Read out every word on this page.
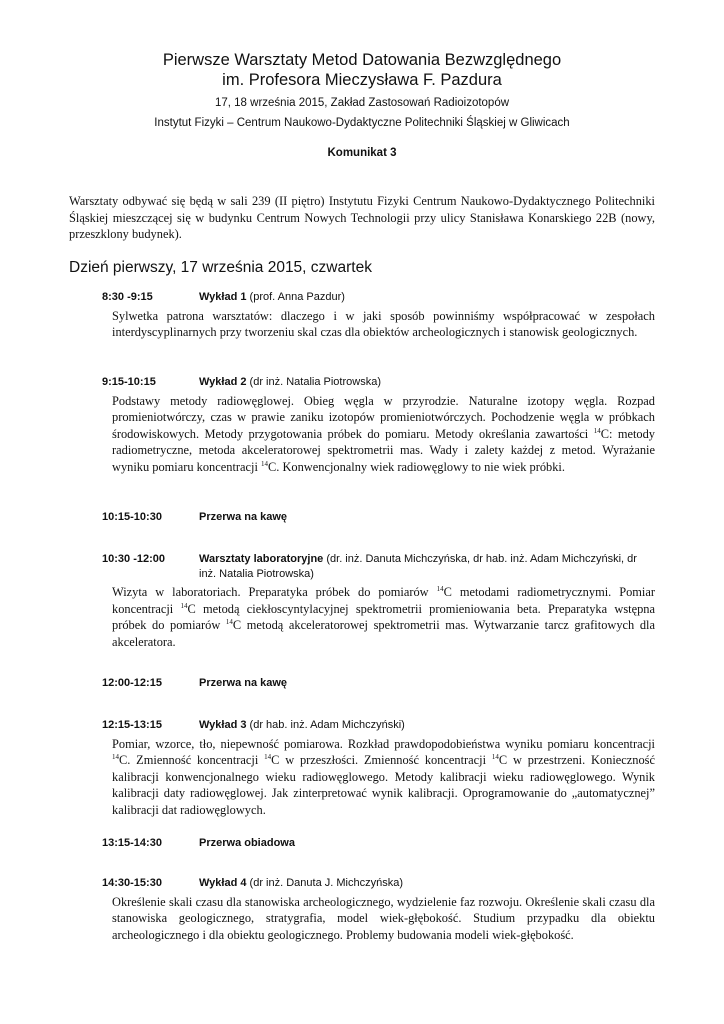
Pierwsze Warsztaty Metod Datowania Bezwzględnego
im. Profesora Mieczysława F. Pazdura
17, 18 września 2015, Zakład Zastosowań Radioizotopów
Instytut Fizyki – Centrum Naukowo-Dydaktyczne Politechniki Śląskiej w Gliwicach
Komunikat 3
Warsztaty odbywać się będą w sali 239 (II piętro) Instytutu Fizyki Centrum Naukowo-Dydaktycznego Politechniki Śląskiej mieszczącej się w budynku Centrum Nowych Technologii przy ulicy Stanisława Konarskiego 22B (nowy, przeszklony budynek).
Dzień pierwszy, 17 września 2015, czwartek
8:30 -9:15	Wykład 1 (prof. Anna Pazdur)
Sylwetka patrona warsztatów: dlaczego i w jaki sposób powinniśmy współpracować w zespołach interdyscyplinarnych przy tworzeniu skal czas dla obiektów archeologicznych i stanowisk geologicznych.
9:15-10:15	Wykład 2 (dr inż. Natalia Piotrowska)
Podstawy metody radiowęglowej. Obieg węgla w przyrodzie. Naturalne izotopy węgla. Rozpad promieniotwórczy, czas w prawie zaniku izotopów promieniotwórczych. Pochodzenie węgla w próbkach środowiskowych. Metody przygotowania próbek do pomiaru. Metody określania zawartości $^{14}$C: metody radiometryczne, metoda akceleratorowej spektrometrii mas. Wady i zalety każdej z metod. Wyrażanie wyniku pomiaru koncentracji $^{14}$C. Konwencjonalny wiek radiowęglowy to nie wiek próbki.
10:15-10:30	Przerwa na kawę
10:30 -12:00	Warsztaty laboratoryjne (dr. inż. Danuta Michczyńska, dr hab. inż. Adam Michczyński, dr inż. Natalia Piotrowska)
Wizyta w laboratoriach. Preparatyka próbek do pomiarów $^{14}$C metodami radiometrycznymi. Pomiar koncentracji $^{14}$C metodą ciekłoscyntylacyjnej spektrometrii promieniowania beta. Preparatyka wstępna próbek do pomiarów $^{14}$C metodą akceleratorowej spektrometrii mas. Wytwarzanie tarcz grafitowych dla akceleratora.
12:00-12:15	Przerwa na kawę
12:15-13:15	Wykład 3 (dr hab. inż. Adam Michczyński)
Pomiar, wzorce, tło, niepewność pomiarowa. Rozkład prawdopodobieństwa wyniku pomiaru koncentracji $^{14}$C. Zmienność koncentracji $^{14}$C w przeszłości. Zmienność koncentracji $^{14}$C w przestrzeni. Konieczność kalibracji konwencjonalnego wieku radiowęglowego. Metody kalibracji wieku radiowęglowego. Wynik kalibracji daty radiowęglowej. Jak zinterpretować wynik kalibracji. Oprogramowanie do „automatycznej” kalibracji dat radiowęglowych.
13:15-14:30	Przerwa obiadowa
14:30-15:30	Wykład 4 (dr inż. Danuta J. Michczyńska)
Określenie skali czasu dla stanowiska archeologicznego, wydzielenie faz rozwoju. Określenie skali czasu dla stanowiska geologicznego, stratygrafia, model wiek-głębokość. Studium przypadku dla obiektu archeologicznego i dla obiektu geologicznego. Problemy budowania modeli wiek-głębokość.
